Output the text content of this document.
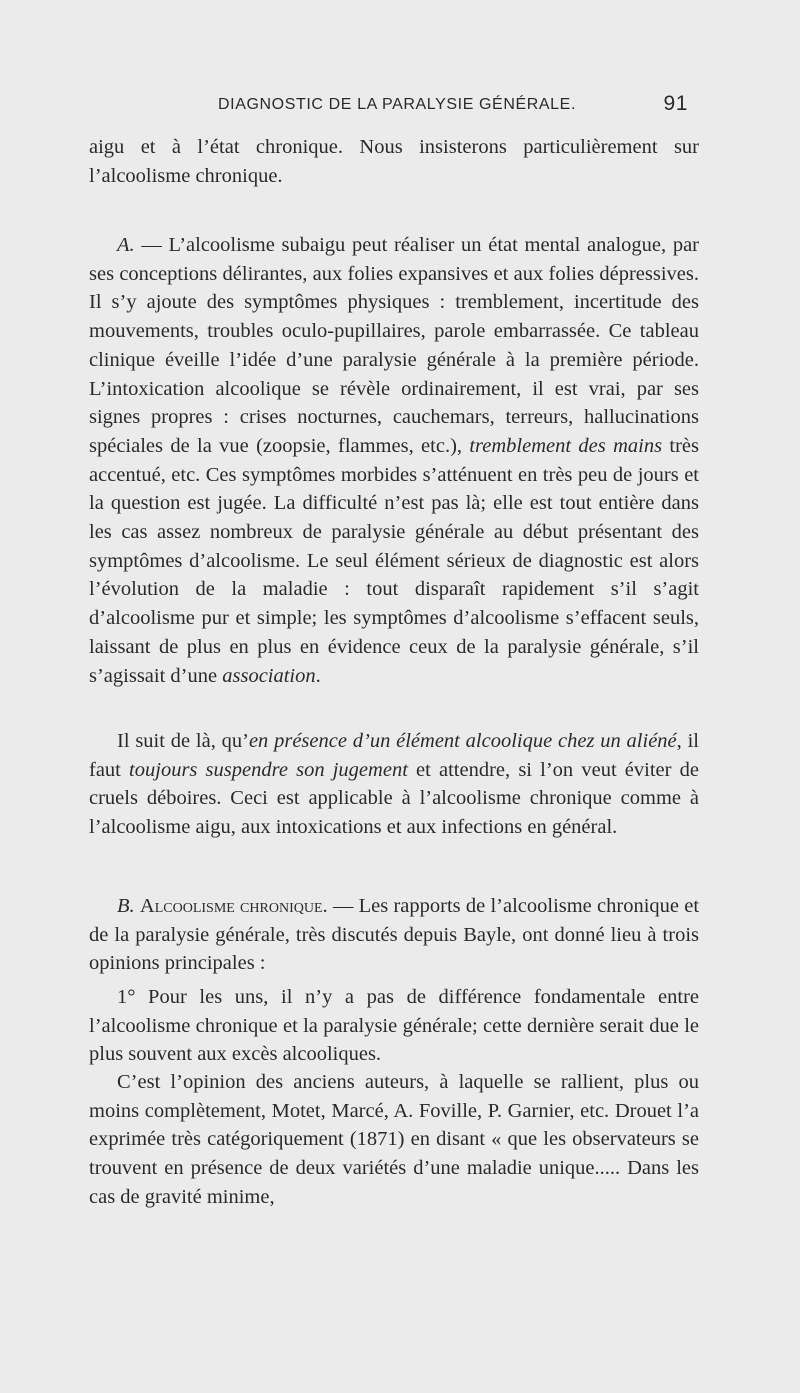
DIAGNOSTIC DE LA PARALYSIE GÉNÉRALE.	91

aigu et à l’état chronique. Nous insisterons particulièrement sur l’alcoolisme chronique.

A. — L’alcoolisme subaigu peut réaliser un état mental analogue, par ses conceptions délirantes, aux folies expansives et aux folies dépressives. Il s’y ajoute des symptômes physiques : tremblement, incertitude des mouvements, troubles oculo-pupillaires, parole embarrassée. Ce tableau clinique éveille l’idée d’une paralysie générale à la première période. L’intoxication alcoolique se révèle ordinairement, il est vrai, par ses signes propres : crises nocturnes, cauchemars, terreurs, hallucinations spéciales de la vue (zoopsie, flammes, etc.), tremblement des mains très accentué, etc. Ces symptômes morbides s’atténuent en très peu de jours et la question est jugée. La difficulté n’est pas là; elle est tout entière dans les cas assez nombreux de paralysie générale au début présentant des symptômes d’alcoolisme. Le seul élément sérieux de diagnostic est alors l’évolution de la maladie : tout disparaît rapidement s’il s’agit d’alcoolisme pur et simple; les symptômes d’alcoolisme s’effacent seuls, laissant de plus en plus en évidence ceux de la paralysie générale, s’il s’agissait d’une association.

Il suit de là, qu’en présence d’un élément alcoolique chez un aliéné, il faut toujours suspendre son jugement et attendre, si l’on veut éviter de cruels déboires. Ceci est applicable à l’alcoolisme chronique comme à l’alcoolisme aigu, aux intoxications et aux infections en général.

B. Alcoolisme chronique. — Les rapports de l’alcoolisme chronique et de la paralysie générale, très discutés depuis Bayle, ont donné lieu à trois opinions principales :

1° Pour les uns, il n’y a pas de différence fondamentale entre l’alcoolisme chronique et la paralysie générale; cette dernière serait due le plus souvent aux excès alcooliques.

C’est l’opinion des anciens auteurs, à laquelle se rallient, plus ou moins complètement, Motet, Marcé, A. Foville, P. Garnier, etc. Drouet l’a exprimée très catégoriquement (1871) en disant « que les observateurs se trouvent en présence de deux variétés d’une maladie unique..... Dans les cas de gravité minime,
